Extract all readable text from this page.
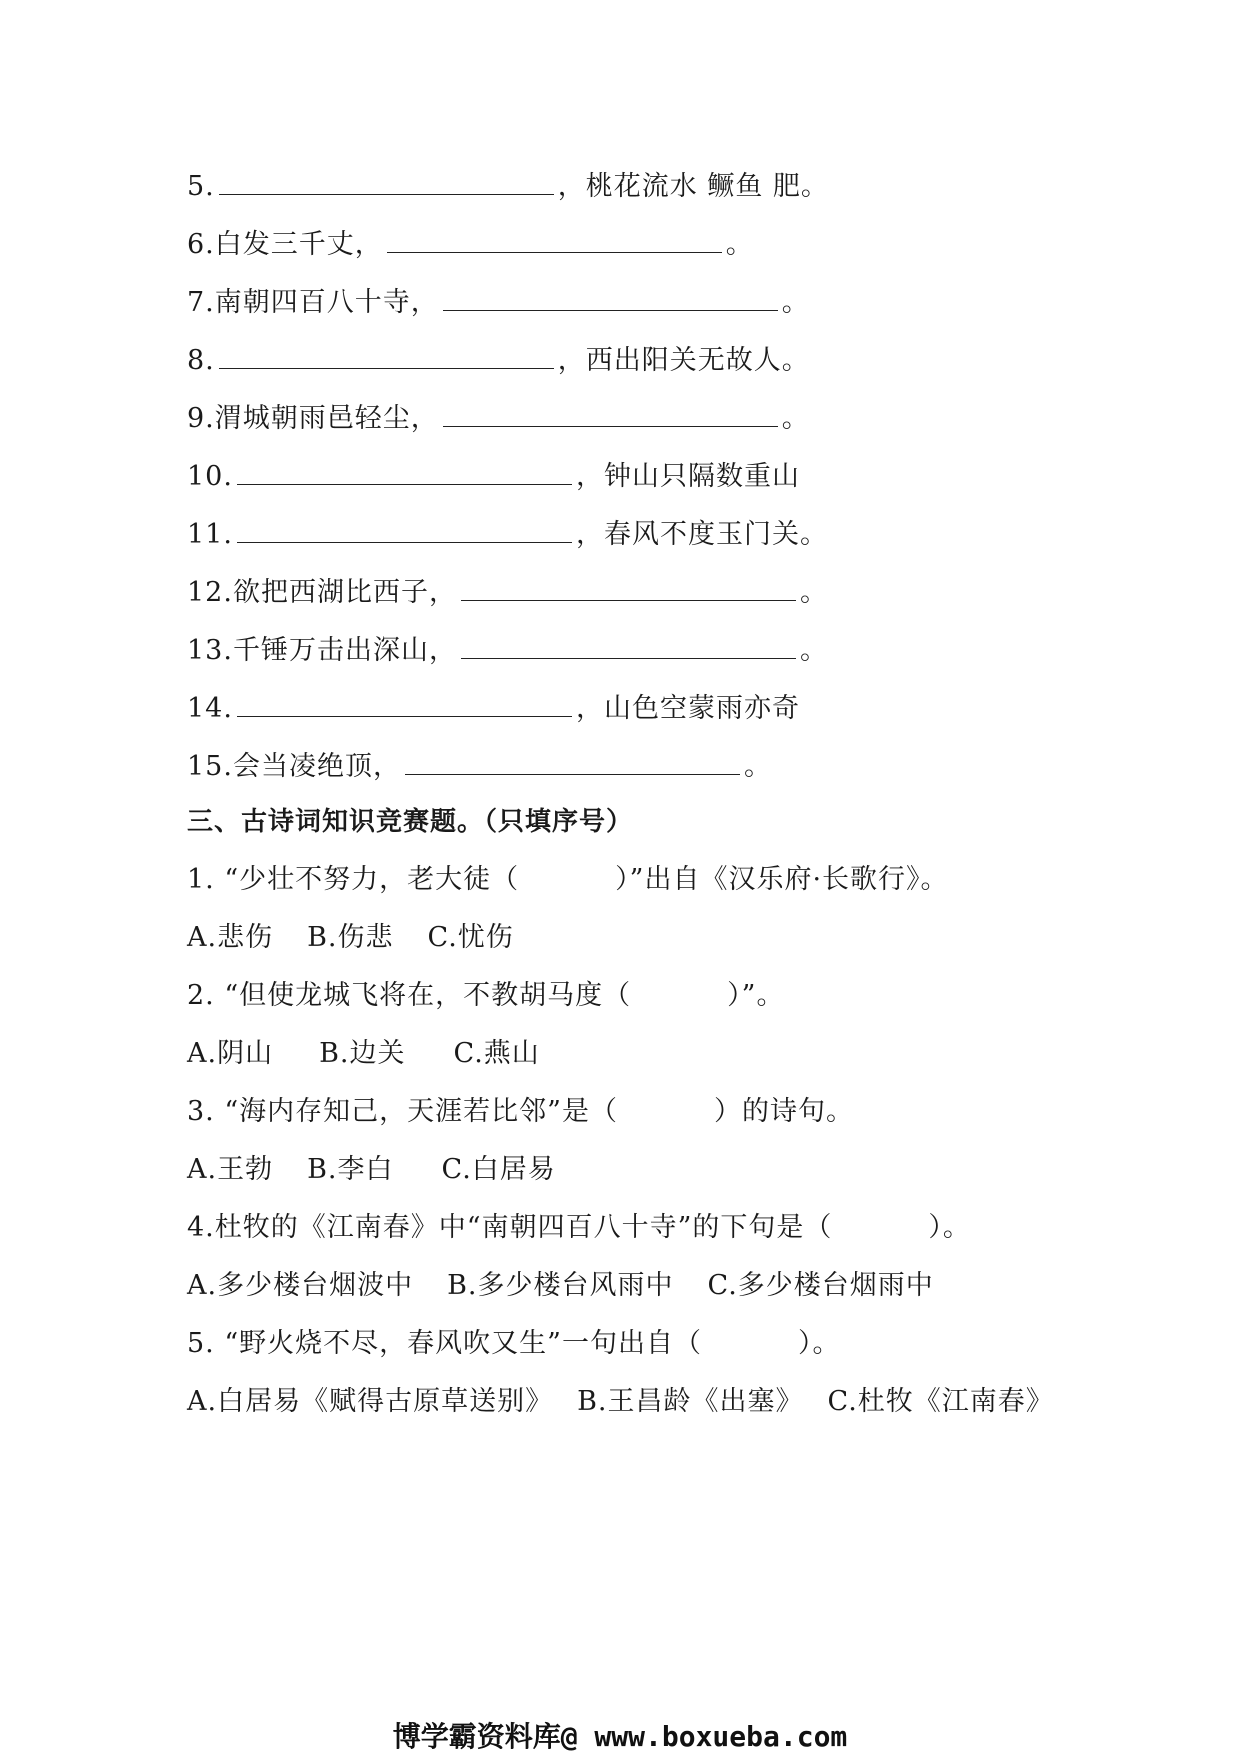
5.	，桃花流水 鳜鱼 肥。
6.白发三千丈，	。
7.南朝四百八十寺，	。
8.	，西出阳关无故人。
9.渭城朝雨邑轻尘，	。
10.	，钟山只隔数重山
11.	，春风不度玉门关。
12.欲把西湖比西子，	。
13.千锤万击出深山，	。
14.	，山色空蒙雨亦奇
15.会当凌绝顶，	。
三、古诗词知识竞赛题。（只填序号）
1. “少壮不努力，老大徒（	）”出自《汉乐府·长歌行》。
A.悲伤 B.伤悲 C.忧伤
2. “但使龙城飞将在，不教胡马度（	）”。
A.阴山 B.边关 C.燕山
3. “海内存知己，天涯若比邻”是（	）的诗句。
A.王勃 B.李白 C.白居易
4.杜牧的《江南春》中“南朝四百八十寺”的下句是（	）。
A.多少楼台烟波中 B.多少楼台风雨中 C.多少楼台烟雨中
5. “野火烧不尽，春风吹又生”一句出自（	）。
A.白居易《赋得古原草送别》 B.王昌龄《出塞》 C.杜牧《江南春》
博学霸资料库@ www.boxueba.com
